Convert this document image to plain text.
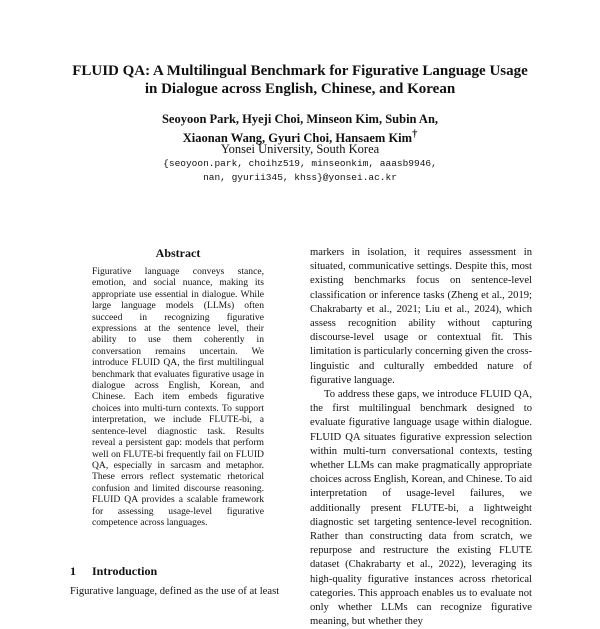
FLUID QA: A Multilingual Benchmark for Figurative Language Usage
in Dialogue across English, Chinese, and Korean
Seoyoon Park, Hyeji Choi, Minseon Kim, Subin An,
Xiaonan Wang, Gyuri Choi, Hansaem Kim†
Yonsei University, South Korea
{seoyoon.park, choihz519, minseonkim, aaasb9946,
nan, gyurii345, khss}@yonsei.ac.kr
Abstract
Figurative language conveys stance, emotion, and social nuance, making its appropriate use essential in dialogue. While large language models (LLMs) often succeed in recognizing figurative expressions at the sentence level, their ability to use them coherently in conversation remains uncertain. We introduce FLUID QA, the first multilingual benchmark that evaluates figurative usage in dialogue across English, Korean, and Chinese. Each item embeds figurative choices into multi-turn contexts. To support interpretation, we include FLUTE-bi, a sentence-level diagnostic task. Results reveal a persistent gap: models that perform well on FLUTE-bi frequently fail on FLUID QA, especially in sarcasm and metaphor. These errors reflect systematic rhetorical confusion and limited discourse reasoning. FLUID QA provides a scalable framework for assessing usage-level figurative competence across languages.
1 Introduction
Figurative language, defined as the use of at least

markers in isolation, it requires assessment in situated, communicative settings. Despite this, most existing benchmarks focus on sentence-level classification or inference tasks (Zheng et al., 2019; Chakrabarty et al., 2021; Liu et al., 2024), which assess recognition ability without capturing discourse-level usage or contextual fit. This limitation is particularly concerning given the cross-linguistic and culturally embedded nature of figurative language.

To address these gaps, we introduce FLUID QA, the first multilingual benchmark designed to evaluate figurative language usage within dialogue. FLUID QA situates figurative expression selection within multi-turn conversational contexts, testing whether LLMs can make pragmatically appropriate choices across English, Korean, and Chinese. To aid interpretation of usage-level failures, we additionally present FLUTE-bi, a lightweight diagnostic set targeting sentence-level recognition. Rather than constructing data from scratch, we repurpose and restructure the existing FLUTE dataset (Chakrabarty et al., 2022), leveraging its high-quality figurative instances across rhetorical categories. This approach enables us to evaluate not only whether LLMs can recognize figurative meaning, but whether they
